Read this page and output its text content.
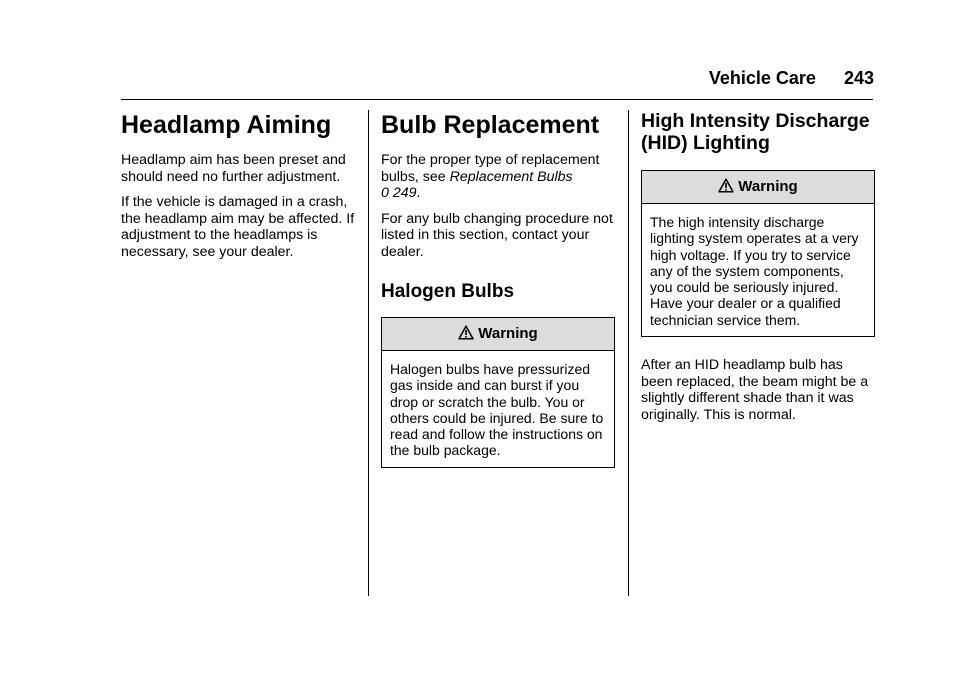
Vehicle Care 243
Headlamp Aiming

Headlamp aim has been preset and should need no further adjustment.

If the vehicle is damaged in a crash, the headlamp aim may be affected. If adjustment to the headlamps is necessary, see your dealer.

Bulb Replacement

For the proper type of replacement bulbs, see Replacement Bulbs
0 249.

For any bulb changing procedure not listed in this section, contact your dealer.

Halogen Bulbs
Warning
Halogen bulbs have pressurized gas inside and can burst if you drop or scratch the bulb. You or others could be injured. Be sure to read and follow the instructions on the bulb package.
High Intensity Discharge (HID) Lighting
Warning
The high intensity discharge lighting system operates at a very high voltage. If you try to service any of the system components, you could be seriously injured. Have your dealer or a qualified technician service them.

After an HID headlamp bulb has been replaced, the beam might be a slightly different shade than it was originally. This is normal.
